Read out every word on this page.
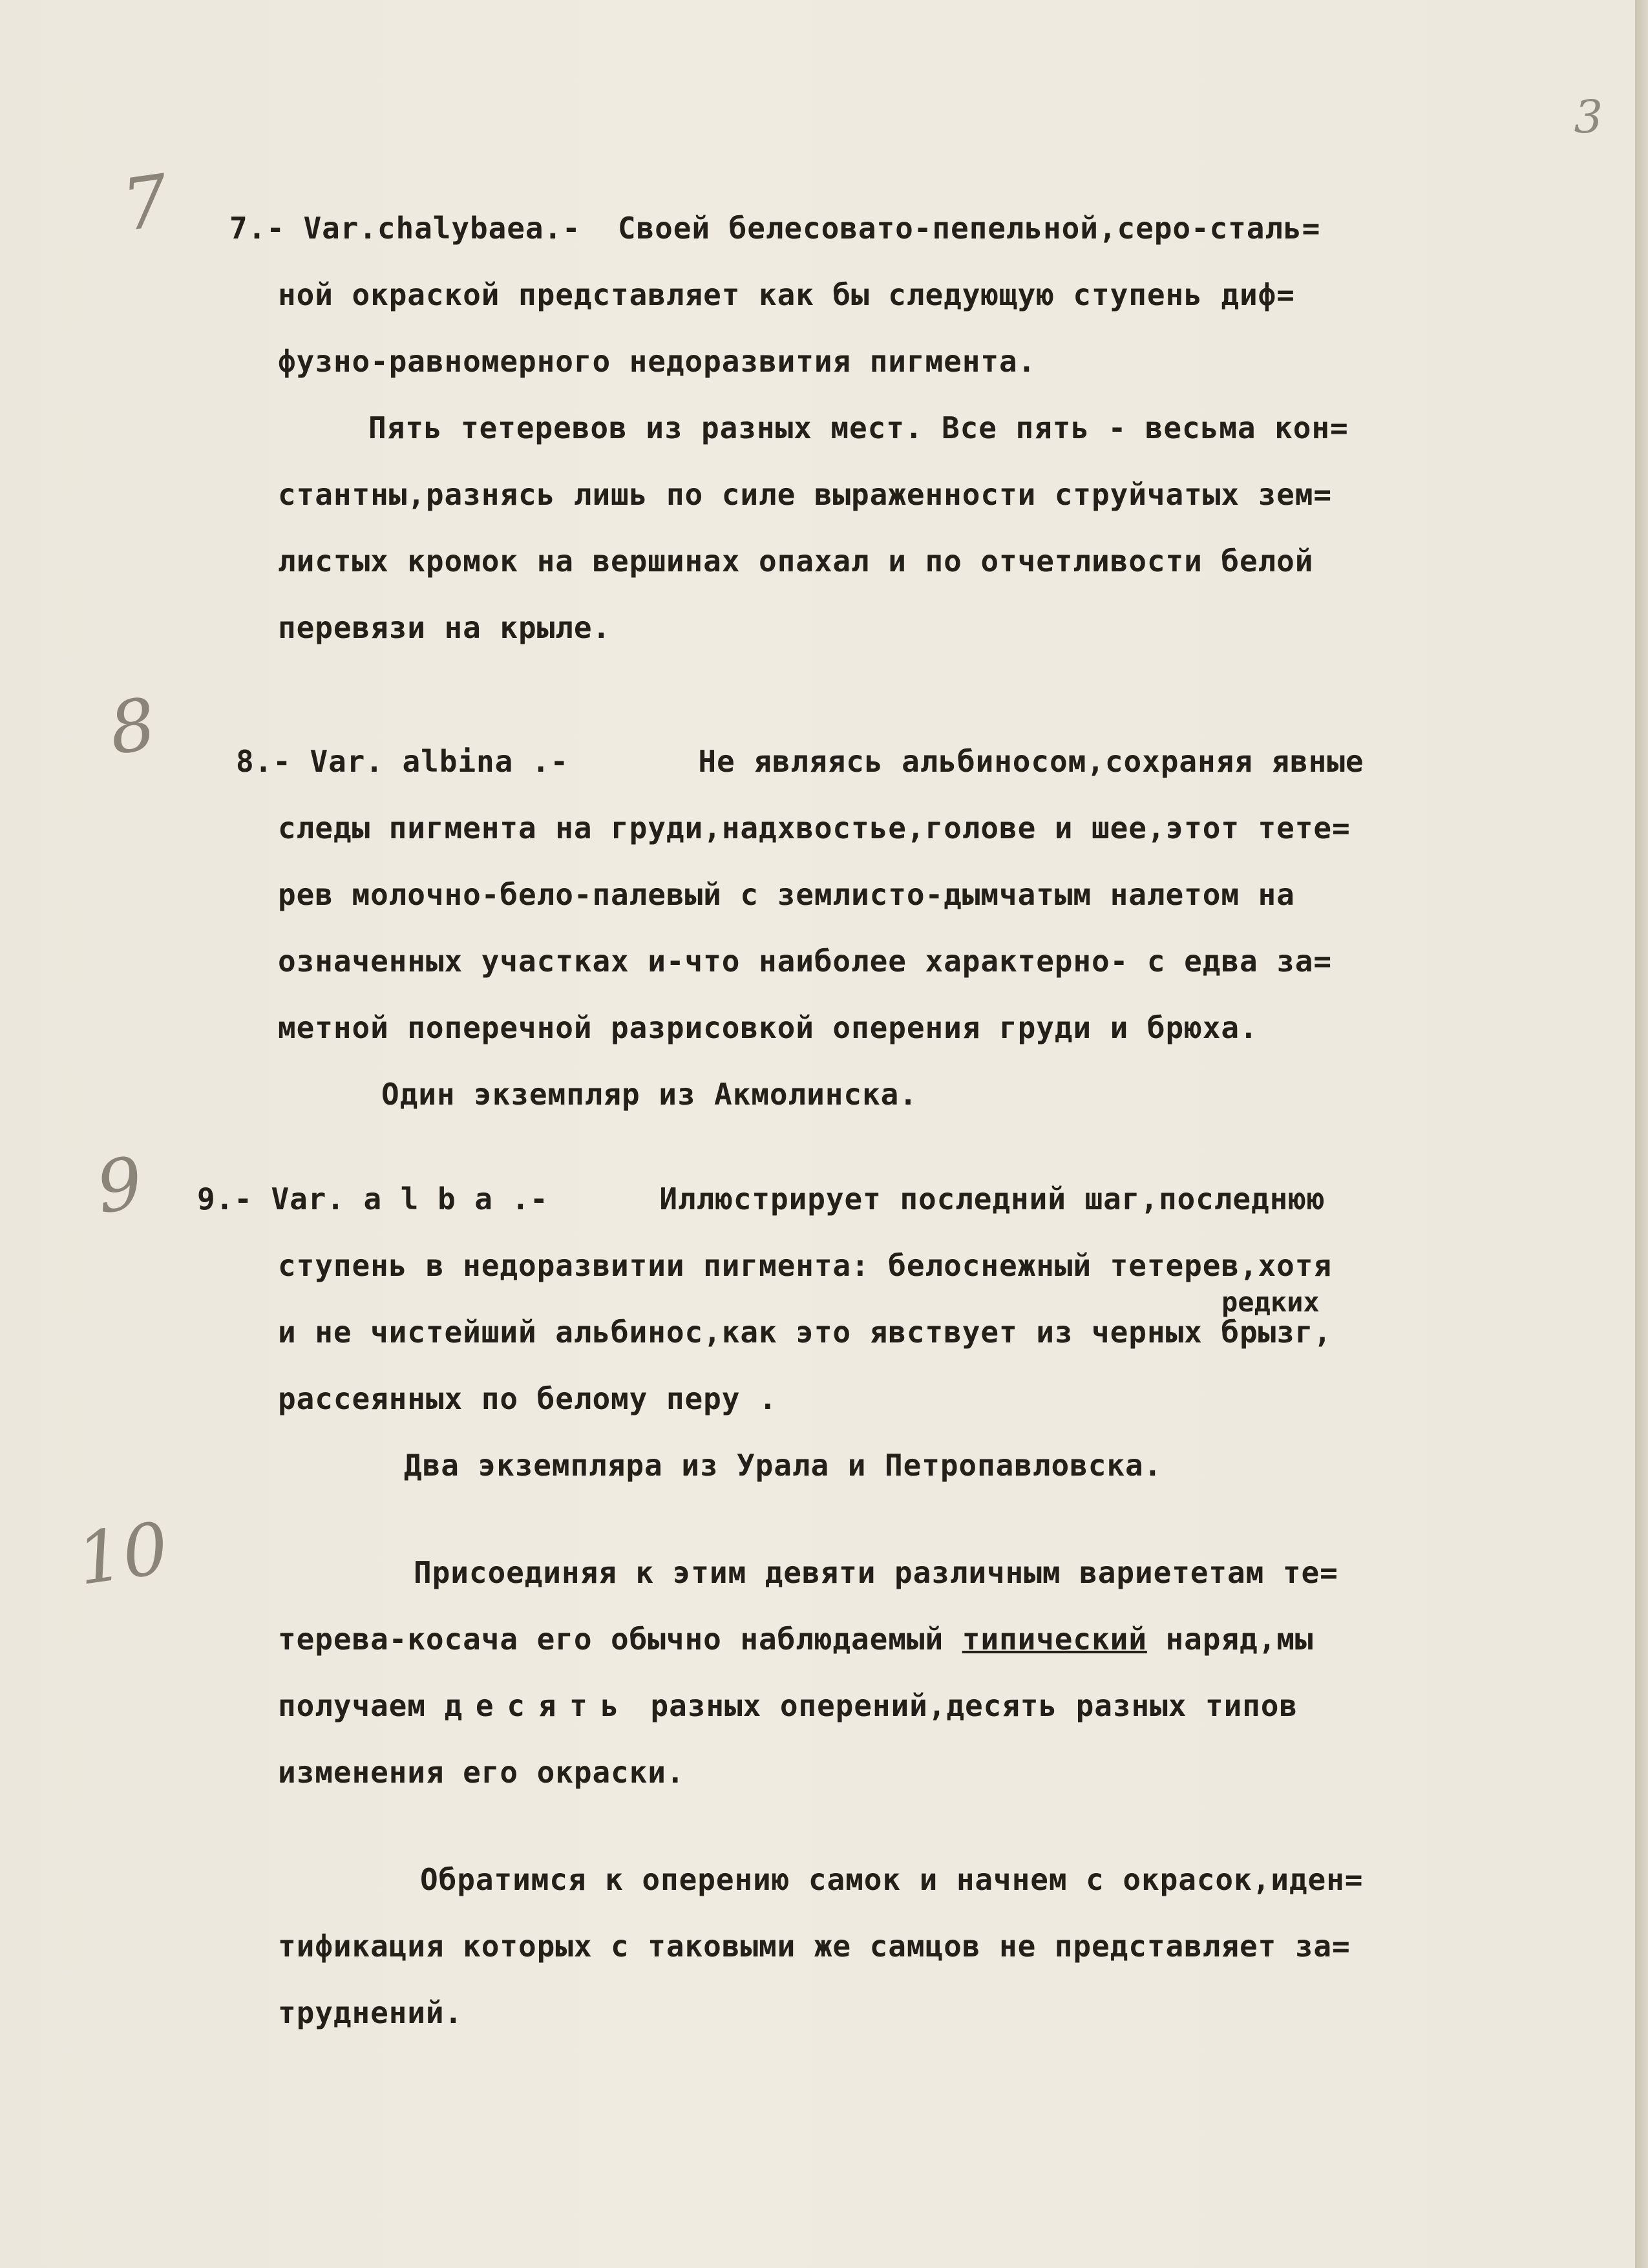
3
7
8
9
10
7.- Var.chalybaea.-  Своей белесовато-пепельной,серо-сталь=
ной окраской представляет как бы следующую ступень диф=
фузно-равномерного недоразвития пигмента.
Пять тетеревов из разных мест. Все пять - весьма кон=
стантны,разнясь лишь по силе выраженности струйчатых зем=
листых кромок на вершинах опахал и по отчетливости белой
перевязи на крыле.
8.- Var. albina .-       Не являясь альбиносом,сохраняя явные
следы пигмента на груди,надхвостье,голове и шее,этот тете=
рев молочно-бело-палевый с землисто-дымчатым налетом на
означенных участках и-что наиболее характерно- с едва за=
метной поперечной разрисовкой оперения груди и брюха.
Один экземпляр из Акмолинска.
9.- Var. a l b a .-      Иллюстрирует последний шаг,последнюю
ступень в недоразвитии пигмента: белоснежный тетерев,хотя
редких
и не чистейший альбинос,как это явствует из черных брызг,
рассеянных по белому перу .
Два экземпляра из Урала и Петропавловска.
Присоединяя к этим девяти различным вариететам те=
терева-косача его обычно наблюдаемый типический наряд,мы
получаем десять разных оперений,десять разных типов
изменения его окраски.
Обратимся к оперению самок и начнем с окрасок,иден=
тификация которых с таковыми же самцов не представляет за=
труднений.
